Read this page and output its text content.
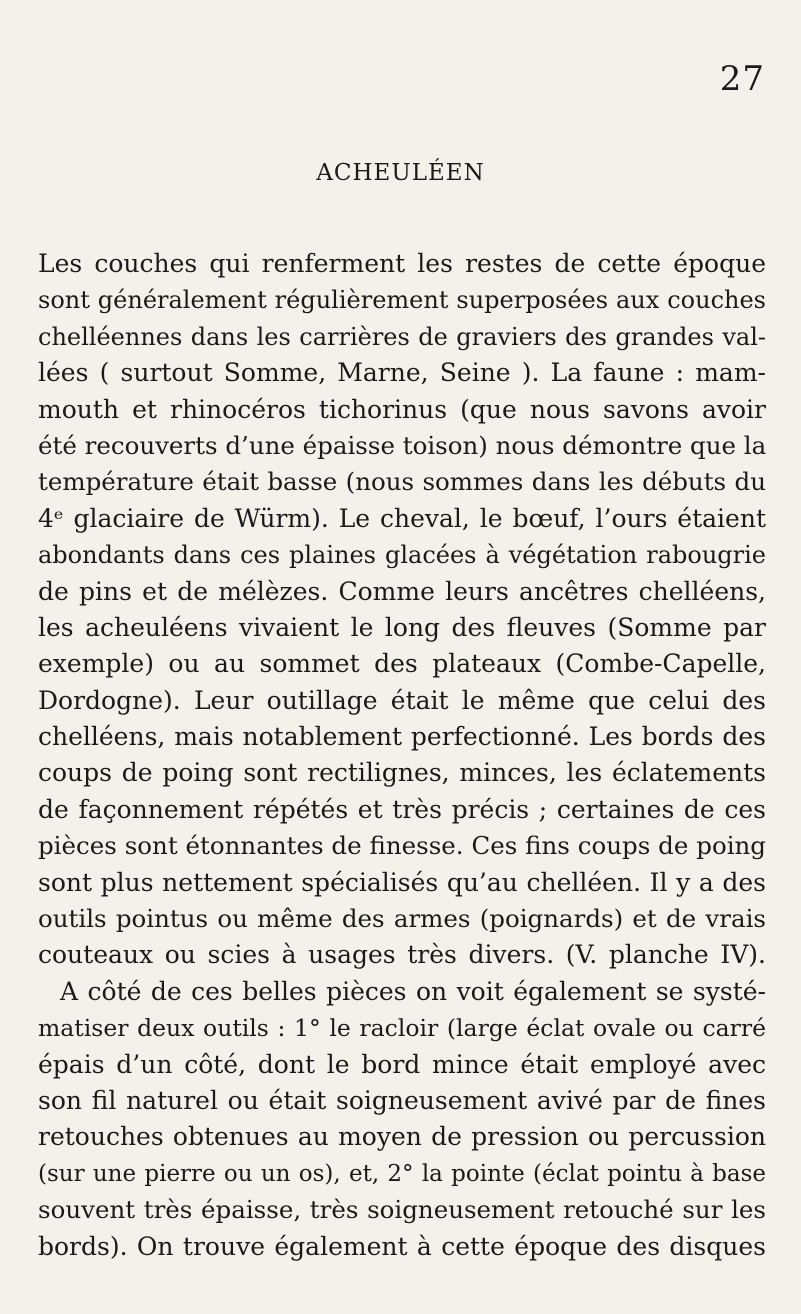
27
ACHEULÉEN
Les couches qui renferment les restes de cette époque
sont généralement régulièrement superposées aux couches
chelléennes dans les carrières de graviers des grandes val-
lées ( surtout Somme, Marne, Seine ). La faune : mam-
mouth et rhinocéros tichorinus (que nous savons avoir
été recouverts d’une épaisse toison) nous démontre que la
température était basse (nous sommes dans les débuts du
4ᵉ glaciaire de Würm). Le cheval, le bœuf, l’ours étaient
abondants dans ces plaines glacées à végétation rabougrie
de pins et de mélèzes. Comme leurs ancêtres chelléens,
les acheuléens vivaient le long des fleuves (Somme par
exemple) ou au sommet des plateaux (Combe-Capelle,
Dordogne). Leur outillage était le même que celui des
chelléens, mais notablement perfectionné. Les bords des
coups de poing sont rectilignes, minces, les éclatements
de façonnement répétés et très précis ; certaines de ces
pièces sont étonnantes de finesse. Ces fins coups de poing
sont plus nettement spécialisés qu’au chelléen. Il y a des
outils pointus ou même des armes (poignards) et de vrais
couteaux ou scies à usages très divers. (V. planche IV).
A côté de ces belles pièces on voit également se systé-
matiser deux outils : 1° le racloir (large éclat ovale ou carré
épais d’un côté, dont le bord mince était employé avec
son fil naturel ou était soigneusement avivé par de fines
retouches obtenues au moyen de pression ou percussion
(sur une pierre ou un os), et, 2° la pointe (éclat pointu à base
souvent très épaisse, très soigneusement retouché sur les
bords). On trouve également à cette époque des disques
